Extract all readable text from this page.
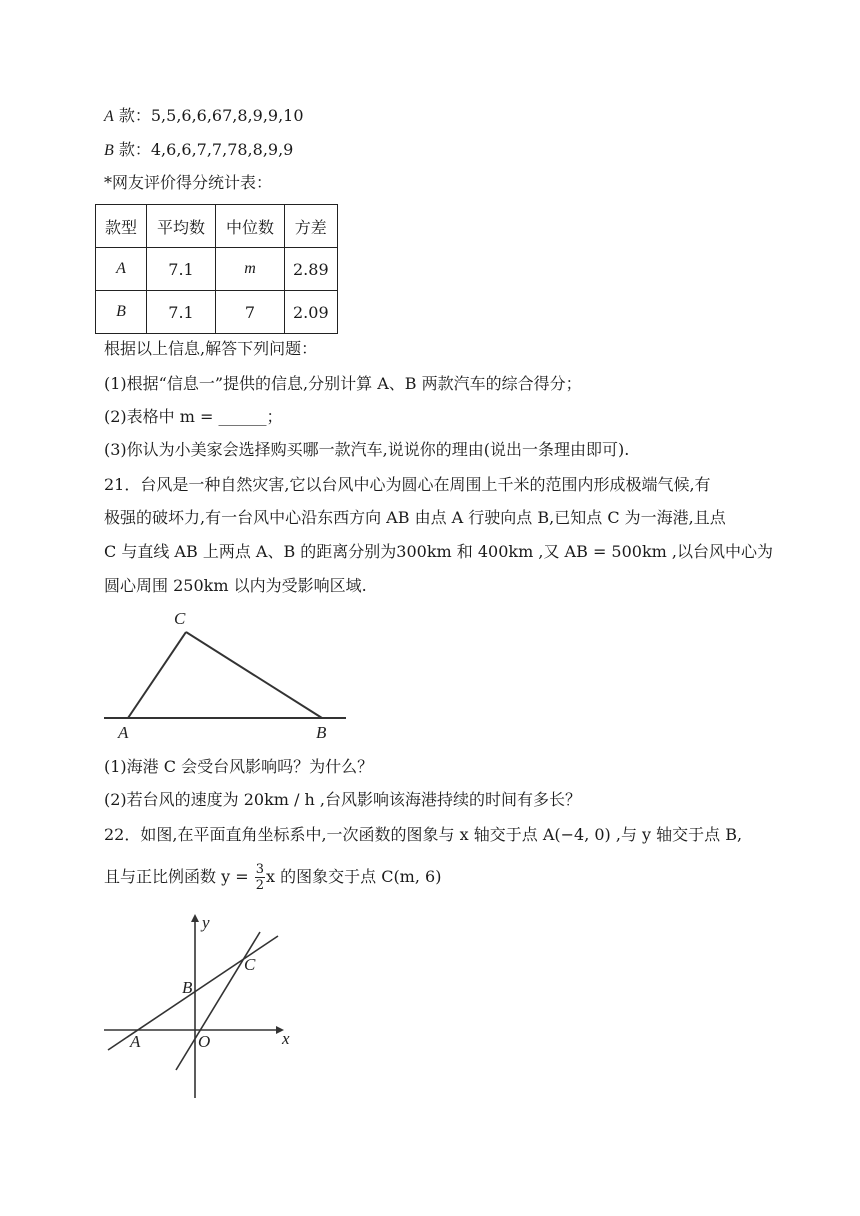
A 款：5,5,6,6,67,8,9,9,10
B 款：4,6,6,7,7,78,8,9,9
*网友评价得分统计表：
款型	平均数	中位数	方差
A	7.1	m	2.89
B	7.1	7	2.09
根据以上信息,解答下列问题：
(1)根据“信息一”提供的信息,分别计算 A、B 两款汽车的综合得分；
(2)表格中 m = ______；
(3)你认为小美家会选择购买哪一款汽车,说说你的理由(说出一条理由即可).
21．台风是一种自然灾害,它以台风中心为圆心在周围上千米的范围内形成极端气候,有
极强的破坏力,有一台风中心沿东西方向 AB 由点 A 行驶向点 B,已知点 C 为一海港,且点
C 与直线 AB 上两点 A、B 的距离分别为300km 和 400km ,又 AB = 500km ,以台风中心为
圆心周围 250km 以内为受影响区域.
C
A	B
(1)海港 C 会受台风影响吗？为什么？
(2)若台风的速度为 20km / h ,台风影响该海港持续的时间有多长？
22．如图,在平面直角坐标系中,一次函数的图象与 x 轴交于点 A(−4, 0) ,与 y 轴交于点 B,
且与正比例函数 $y = \frac{3}{2}$ x 的图象交于点 C(m, 6)
y
x
C
B
A	O
